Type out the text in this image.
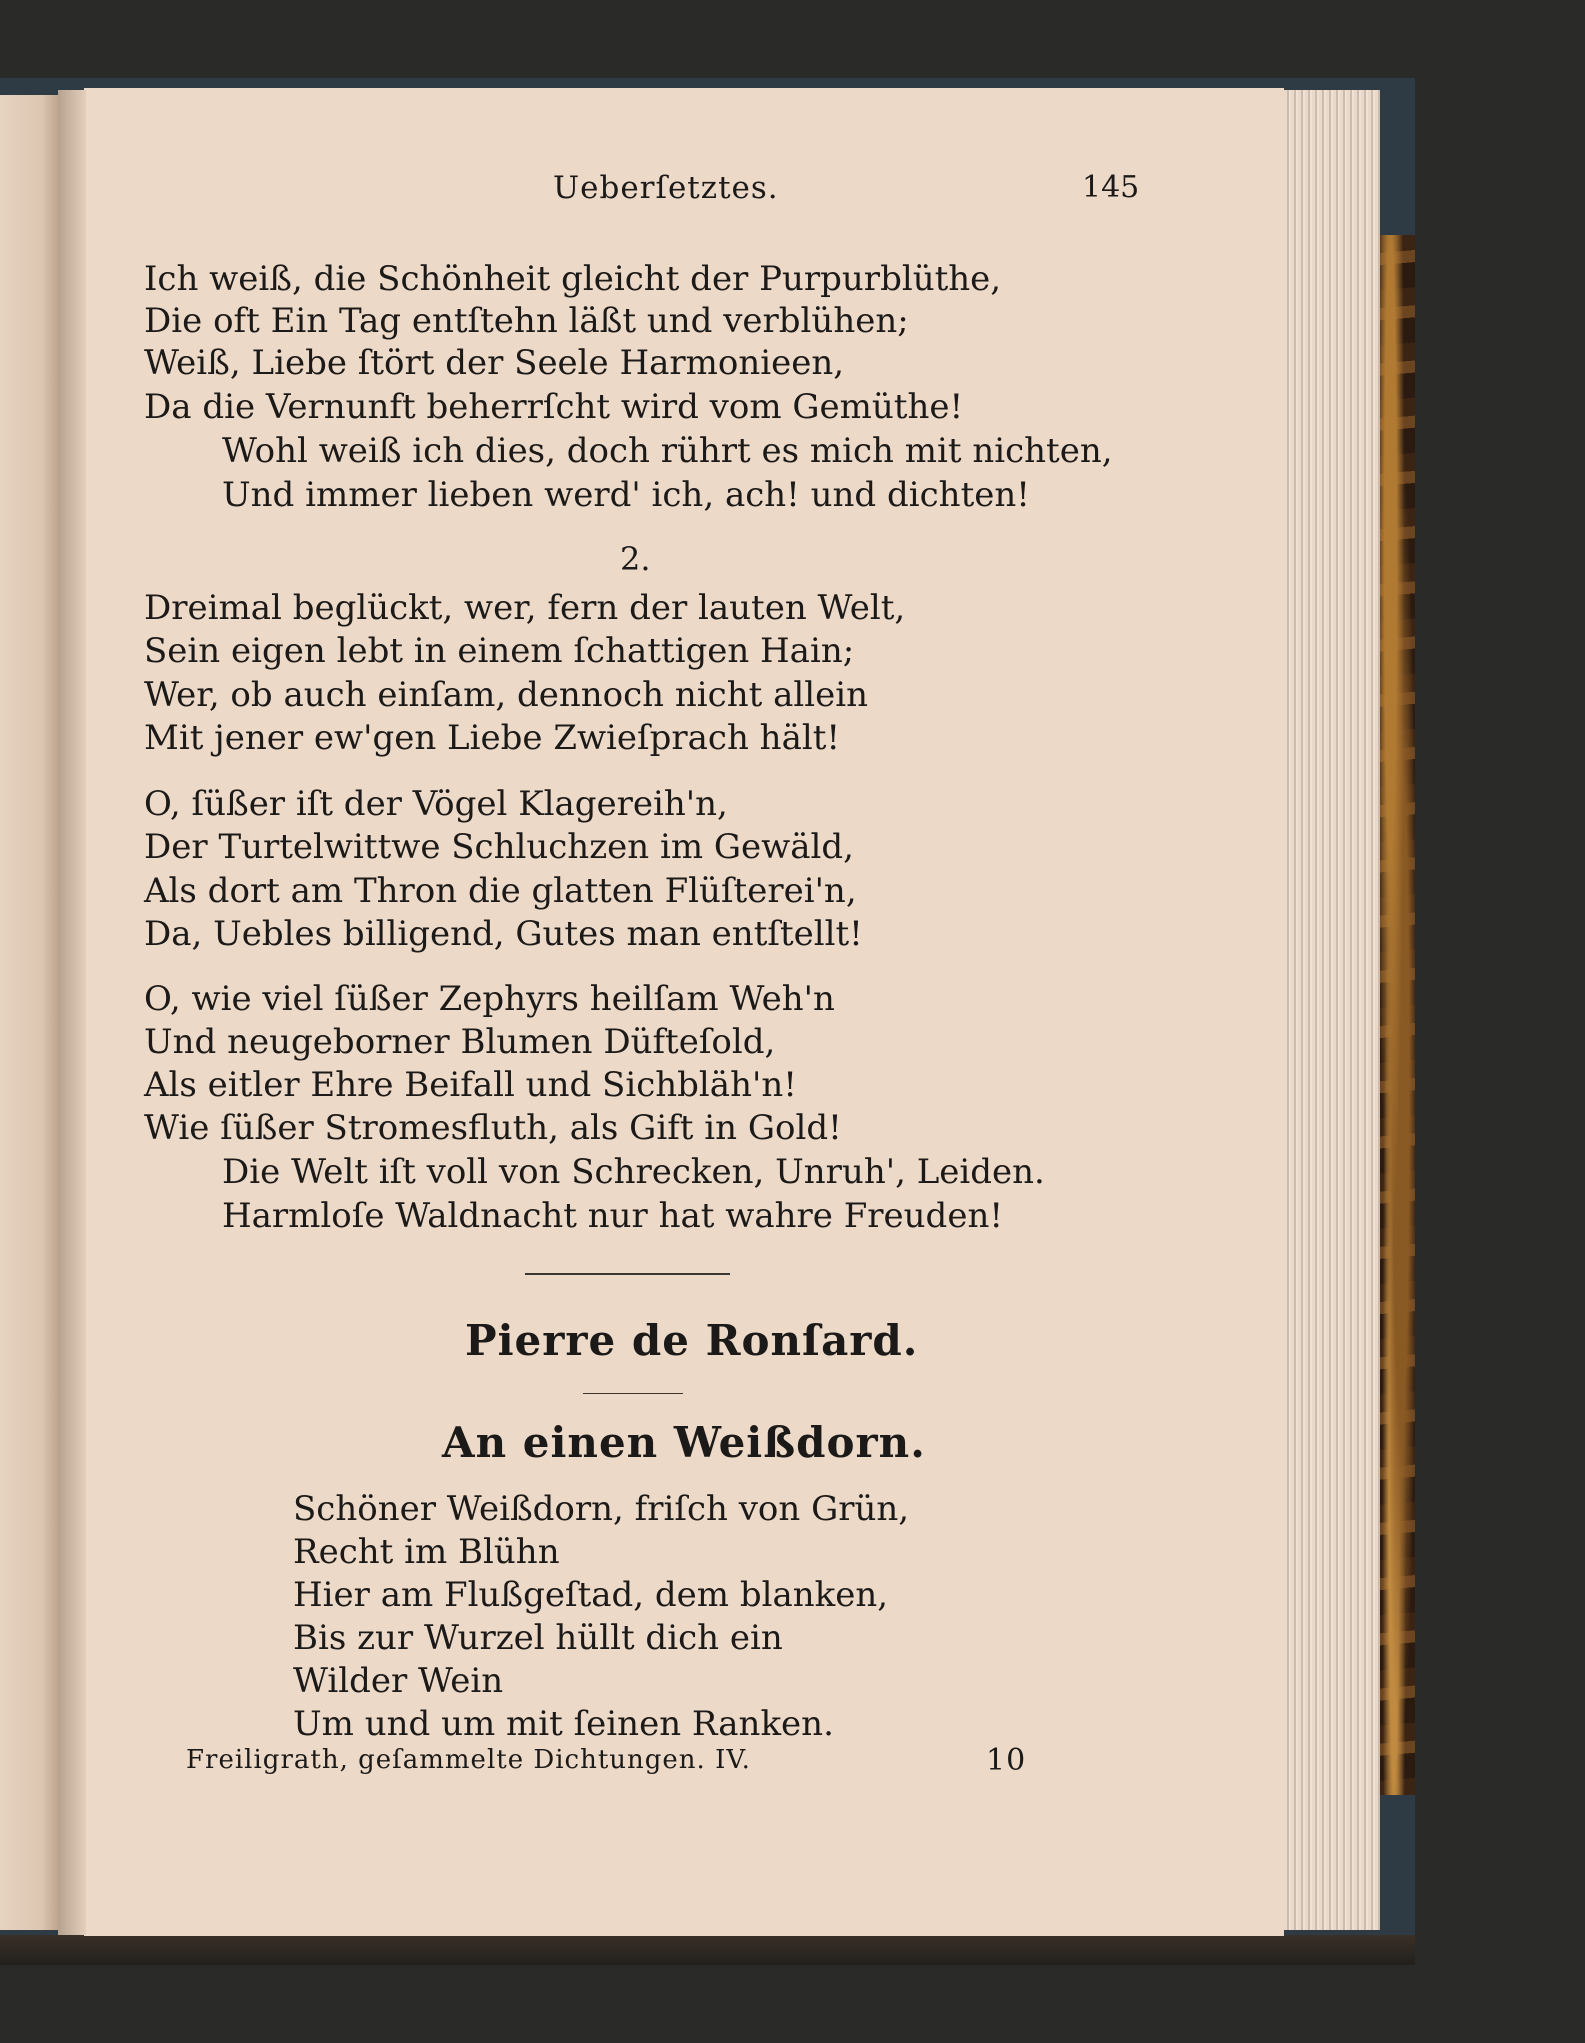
Ueberſetztes.	145
Ich weiß, die Schönheit gleicht der Purpurblüthe,
Die oft Ein Tag entſtehn läßt und verblühen;
Weiß, Liebe ſtört der Seele Harmonieen,
Da die Vernunft beherrſcht wird vom Gemüthe!
Wohl weiß ich dies, doch rührt es mich mit nichten,
Und immer lieben werd' ich, ach! und dichten!
2.
Dreimal beglückt, wer, fern der lauten Welt,
Sein eigen lebt in einem ſchattigen Hain;
Wer, ob auch einſam, dennoch nicht allein
Mit jener ew'gen Liebe Zwieſprach hält!
O, ſüßer iſt der Vögel Klagereih'n,
Der Turtelwittwe Schluchzen im Gewäld,
Als dort am Thron die glatten Flüſterei'n,
Da, Uebles billigend, Gutes man entſtellt!
O, wie viel ſüßer Zephyrs heilſam Weh'n
Und neugeborner Blumen Düfteſold,
Als eitler Ehre Beifall und Sichbläh'n!
Wie ſüßer Stromesfluth, als Gift in Gold!
Die Welt iſt voll von Schrecken, Unruh', Leiden.
Harmloſe Waldnacht nur hat wahre Freuden!
Pierre de Ronſard.
An einen Weißdorn.
Schöner Weißdorn, friſch von Grün,
Recht im Blühn
Hier am Flußgeſtad, dem blanken,
Bis zur Wurzel hüllt dich ein
Wilder Wein
Um und um mit ſeinen Ranken.
Freiligrath, geſammelte Dichtungen. IV.	10
